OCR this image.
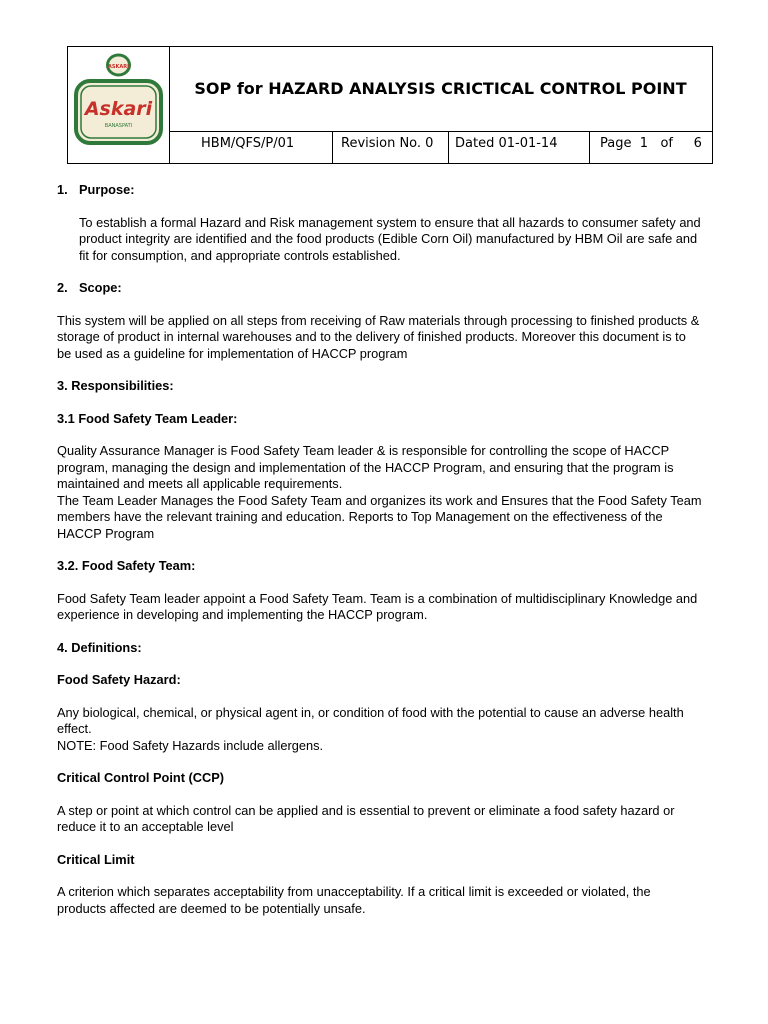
ASKARI
Askari
BANASPATI
SOP for HAZARD ANALYSIS CRICTICAL CONTROL POINT
HBM/QFS/P/01	Revision No. 0	Dated 01-01-14	Page 1 of 6

1. Purpose:

To establish a formal Hazard and Risk management system to ensure that all hazards to consumer safety and product integrity are identified and the food products (Edible Corn Oil) manufactured by HBM Oil are safe and fit for consumption, and appropriate controls established.

2. Scope:

This system will be applied on all steps from receiving of Raw materials through processing to finished products & storage of product in internal warehouses and to the delivery of finished products. Moreover this document is to be used as a guideline for implementation of HACCP program

3. Responsibilities:

3.1 Food Safety Team Leader:

Quality Assurance Manager is Food Safety Team leader & is responsible for controlling the scope of HACCP program, managing the design and implementation of the HACCP Program, and ensuring that the program is maintained and meets all applicable requirements.

The Team Leader Manages the Food Safety Team and organizes its work and Ensures that the Food Safety Team members have the relevant training and education. Reports to Top Management on the effectiveness of the HACCP Program

3.2. Food Safety Team:

Food Safety Team leader appoint a Food Safety Team. Team is a combination of multidisciplinary Knowledge and experience in developing and implementing the HACCP program.

4. Definitions:

Food Safety Hazard:

Any biological, chemical, or physical agent in, or condition of food with the potential to cause an adverse health effect.

NOTE: Food Safety Hazards include allergens.

Critical Control Point (CCP)

A step or point at which control can be applied and is essential to prevent or eliminate a food safety hazard or reduce it to an acceptable level

Critical Limit

A criterion which separates acceptability from unacceptability. If a critical limit is exceeded or violated, the products affected are deemed to be potentially unsafe.
